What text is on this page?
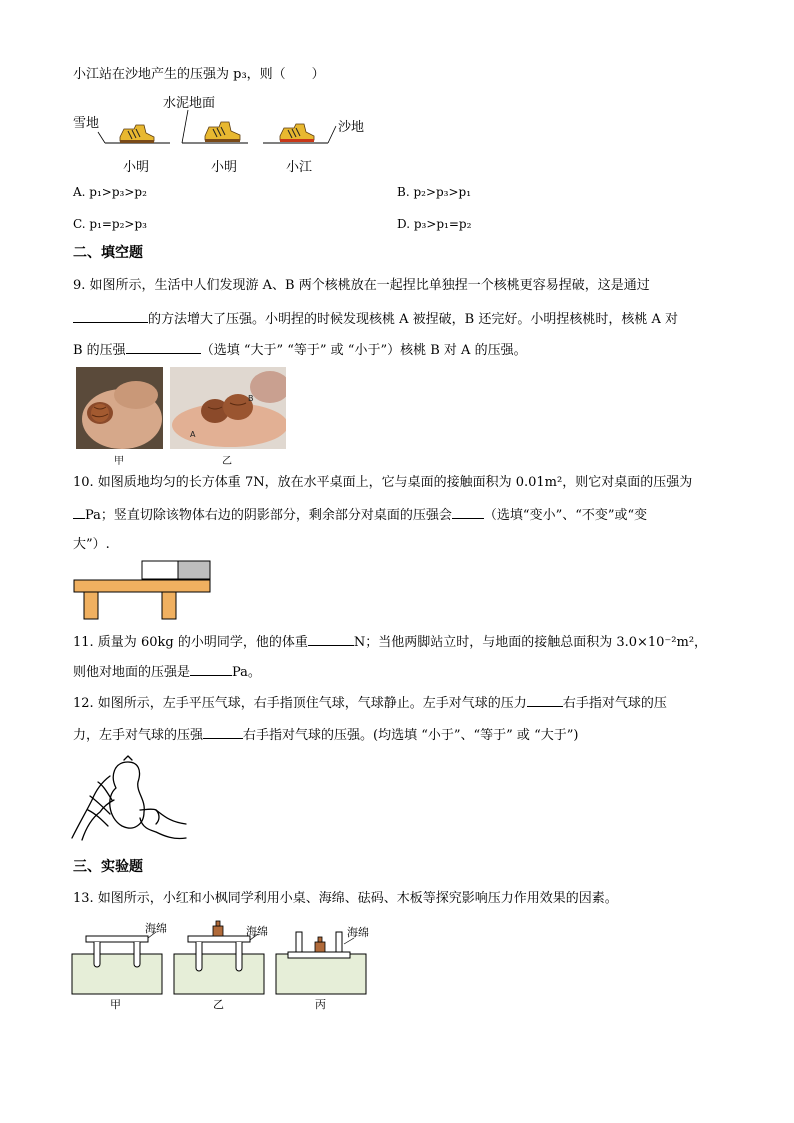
小江站在沙地产生的压强为 p₃，则（　　）
雪地
水泥地面
沙地
小明	小明	小江
A. p₁>p₃>p₂	B. p₂>p₃>p₁
C. p₁=p₂>p₃	D. p₃>p₁=p₂
二、填空题
9. 如图所示，生活中人们发现游 A、B 两个核桃放在一起捏比单独捏一个核桃更容易捏破，这是通过
的方法增大了压强。小明捏的时候发现核桃 A 被捏破，B 还完好。小明捏核桃时，核桃 A 对
B 的压强	（选填 “大于” “等于” 或 “小于”）核桃 B 对 A 的压强。
B
A
甲	乙
10. 如图质地均匀的长方体重 7N，放在水平桌面上，它与桌面的接触面积为 0.01m²，则它对桌面的压强为
Pa；竖直切除该物体右边的阴影部分，剩余部分对桌面的压强会 （选填“变小”、“不变”或“变
大”）.
11. 质量为 60kg 的小明同学，他的体重	N；当他两脚站立时，与地面的接触总面积为 3.0×10⁻²m²，
则他对地面的压强是	Pa。
12. 如图所示，左手平压气球，右手指顶住气球，气球静止。左手对气球的压力	右手指对气球的压
力，左手对气球的压强	右手指对气球的压强。(均选填 “小于”、“等于” 或 “大于”)
三、实验题
13. 如图所示，小红和小枫同学利用小桌、海绵、砝码、木板等探究影响压力作用效果的因素。
海绵	海绵	海绵
甲	乙	丙
